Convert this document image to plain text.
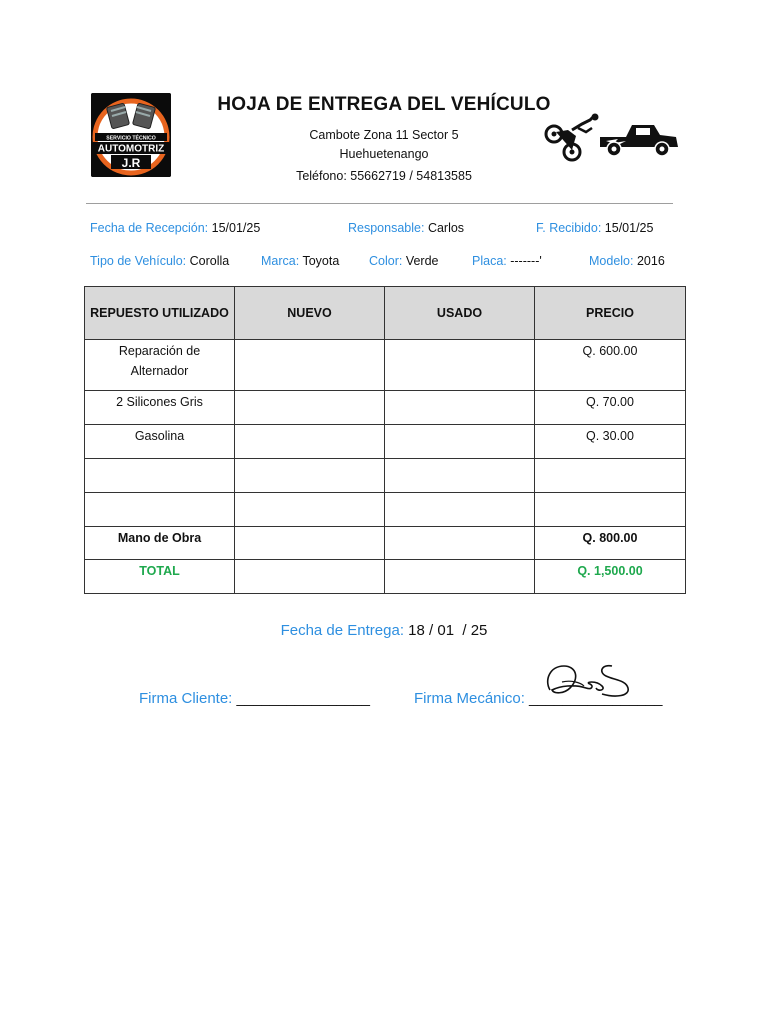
SERVICIO TÉCNICO
AUTOMOTRIZ
J.R
HOJA DE ENTREGA DEL VEHÍCULO
Cambote Zona 11 Sector 5
Huehuetenango
Teléfono: 55662719 / 54813585
Fecha de Recepción: 15/01/25	Responsable: Carlos	F. Recibido: 15/01/25
Tipo de Vehículo: Corolla	Marca: Toyota Color: Verde	Placa: -------'	Modelo: 2016
REPUESTO UTILIZADO	NUEVO	USADO	PRECIO
Reparación de Alternador			Q. 600.00
2 Silicones Gris			Q. 70.00
Gasolina			Q. 30.00

Mano de Obra			Q. 800.00
TOTAL			Q. 1,500.00
Fecha de Entrega: 18 / 01  / 25
Firma Cliente: ________________	Firma Mecánico: ________________
